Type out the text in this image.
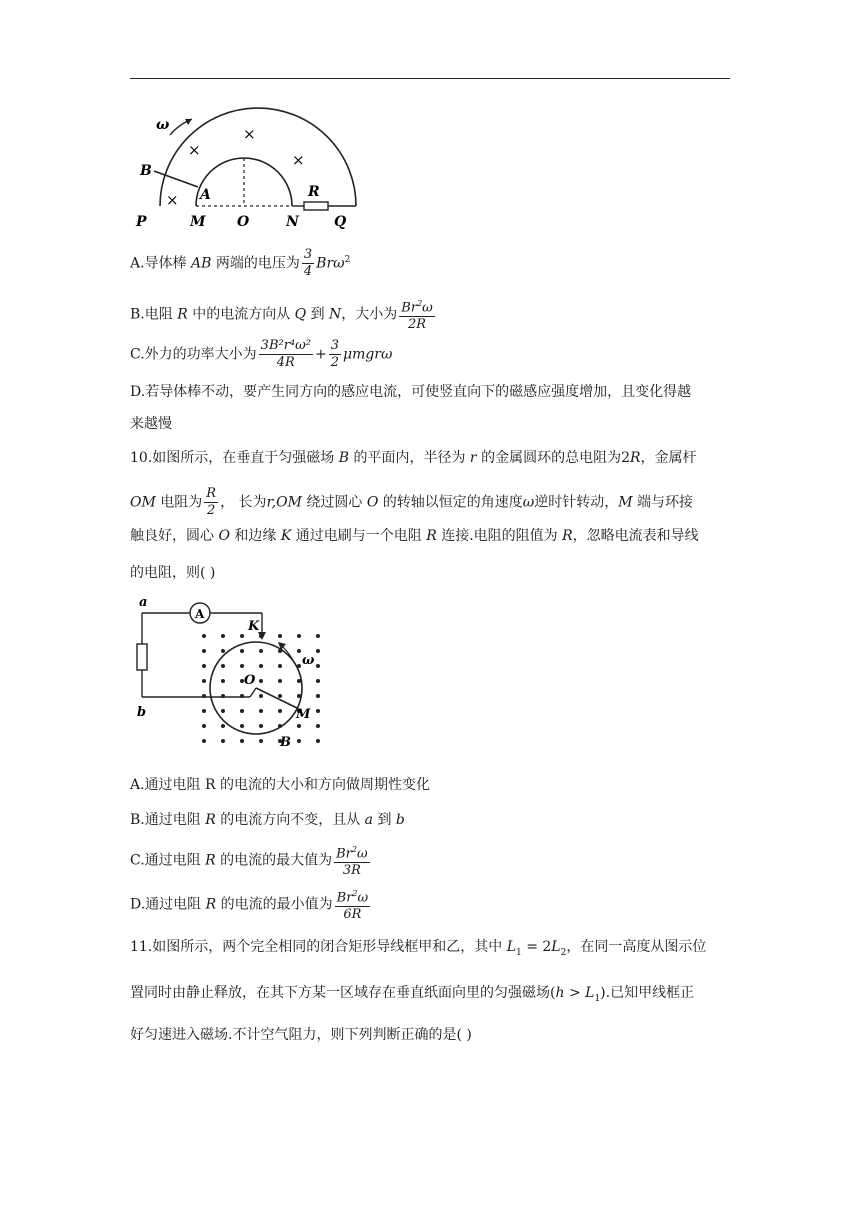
ω	×
×
×
×
B
A	R
P	M O	N	Q
A.导体棒 AB 两端的电压为 $\frac{3}{4} Br\omega^2$
B.电阻 R 中的电流方向从 Q 到 N，大小为 $\frac{Br^2\omega}{2R}$
C.外力的功率大小为 $\frac{\text{3B²r⁴ω²}}{4R} + \frac{3}{2}$ μmgrω
D.若导体棒不动，要产生同方向的感应电流，可使竖直向下的磁感应强度增加，且变化得越
来越慢
10.如图所示，在垂直于匀强磁场 B 的平面内，半径为 r 的金属圆环的总电阻为2R，金属杆
OM 电阻为 $\frac{R}{2}$ ， 长为r,OM 绕过圆心 O 的转轴以恒定的角速度ω逆时针转动，M 端与环接
触良好，圆心 O 和边缘 K 通过电刷与一个电阻 R 连接.电阻的阻值为 R，忽略电流表和导线
的电阻，则( )
A
a
b
K
ω
O
M
B
A.通过电阻 R 的电流的大小和方向做周期性变化
B.通过电阻 R 的电流方向不变，且从 a 到 b
C.通过电阻 R 的电流的最大值为 $\frac{Br^2\omega}{3R}$
D.通过电阻 R 的电流的最小值为 $\frac{Br^2\omega}{6R}$
11.如图所示，两个完全相同的闭合矩形导线框甲和乙，其中 $L_1 = 2L_2$，在同一高度从图示位
置同时由静止释放，在其下方某一区域存在垂直纸面向里的匀强磁场$(h > L_1)$.已知甲线框正
好匀速进入磁场.不计空气阻力，则下列判断正确的是( )
